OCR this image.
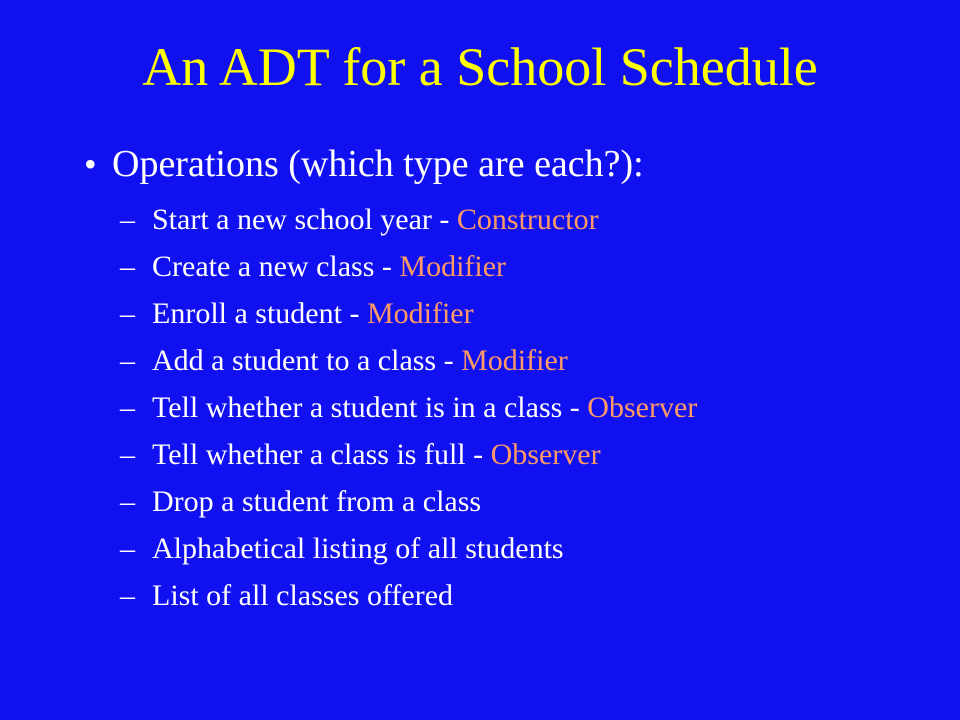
An ADT for a School Schedule
• Operations (which type are each?):
– Start a new school year - Constructor
– Create a new class - Modifier
– Enroll a student - Modifier
– Add a student to a class - Modifier
– Tell whether a student is in a class - Observer
– Tell whether a class is full - Observer
– Drop a student from a class
– Alphabetical listing of all students
– List of all classes offered
